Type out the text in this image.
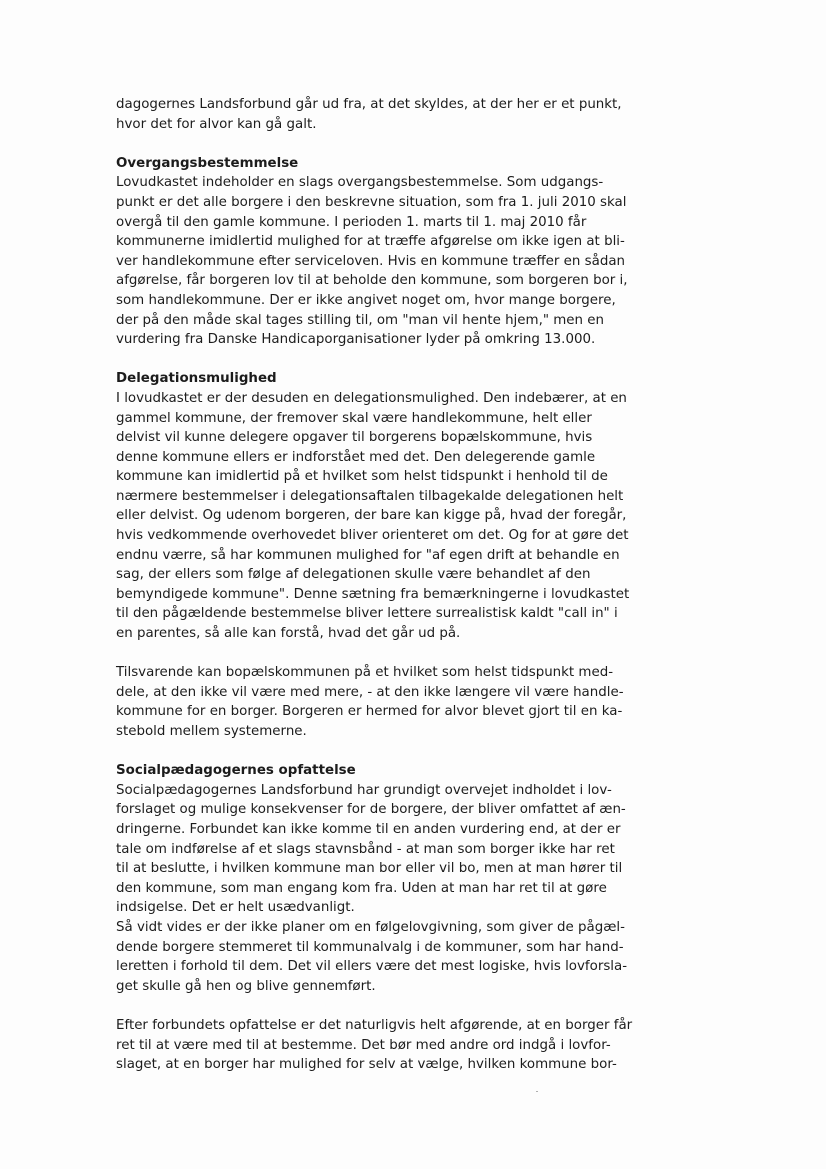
dagogernes Landsforbund går ud fra, at det skyldes, at der her er et punkt,
hvor det for alvor kan gå galt.
Overgangsbestemmelse
Lovudkastet indeholder en slags overgangsbestemmelse. Som udgangs-
punkt er det alle borgere i den beskrevne situation, som fra 1. juli 2010 skal
overgå til den gamle kommune. I perioden 1. marts til 1. maj 2010 får
kommunerne imidlertid mulighed for at træffe afgørelse om ikke igen at bli-
ver handlekommune efter serviceloven. Hvis en kommune træffer en sådan
afgørelse, får borgeren lov til at beholde den kommune, som borgeren bor i,
som handlekommune. Der er ikke angivet noget om, hvor mange borgere,
der på den måde skal tages stilling til, om "man vil hente hjem," men en
vurdering fra Danske Handicaporganisationer lyder på omkring 13.000.
Delegationsmulighed
I lovudkastet er der desuden en delegationsmulighed. Den indebærer, at en
gammel kommune, der fremover skal være handlekommune, helt eller
delvist vil kunne delegere opgaver til borgerens bopælskommune, hvis
denne kommune ellers er indforstået med det. Den delegerende gamle
kommune kan imidlertid på et hvilket som helst tidspunkt i henhold til de
nærmere bestemmelser i delegationsaftalen tilbagekalde delegationen helt
eller delvist. Og udenom borgeren, der bare kan kigge på, hvad der foregår,
hvis vedkommende overhovedet bliver orienteret om det. Og for at gøre det
endnu værre, så har kommunen mulighed for "af egen drift at behandle en
sag, der ellers som følge af delegationen skulle være behandlet af den
bemyndigede kommune". Denne sætning fra bemærkningerne i lovudkastet
til den pågældende bestemmelse bliver lettere surrealistisk kaldt "call in" i
en parentes, så alle kan forstå, hvad det går ud på.
Tilsvarende kan bopælskommunen på et hvilket som helst tidspunkt med-
dele, at den ikke vil være med mere, - at den ikke længere vil være handle-
kommune for en borger. Borgeren er hermed for alvor blevet gjort til en ka-
stebold mellem systemerne.
Socialpædagogernes opfattelse
Socialpædagogernes Landsforbund har grundigt overvejet indholdet i lov-
forslaget og mulige konsekvenser for de borgere, der bliver omfattet af æn-
dringerne. Forbundet kan ikke komme til en anden vurdering end, at der er
tale om indførelse af et slags stavnsbånd - at man som borger ikke har ret
til at beslutte, i hvilken kommune man bor eller vil bo, men at man hører til
den kommune, som man engang kom fra. Uden at man har ret til at gøre
indsigelse. Det er helt usædvanligt.
Så vidt vides er der ikke planer om en følgelovgivning, som giver de pågæl-
dende borgere stemmeret til kommunalvalg i de kommuner, som har hand-
leretten i forhold til dem. Det vil ellers være det mest logiske, hvis lovforsla-
get skulle gå hen og blive gennemført.
Efter forbundets opfattelse er det naturligvis helt afgørende, at en borger får
ret til at være med til at bestemme. Det bør med andre ord indgå i lovfor-
slaget, at en borger har mulighed for selv at vælge, hvilken kommune bor-
